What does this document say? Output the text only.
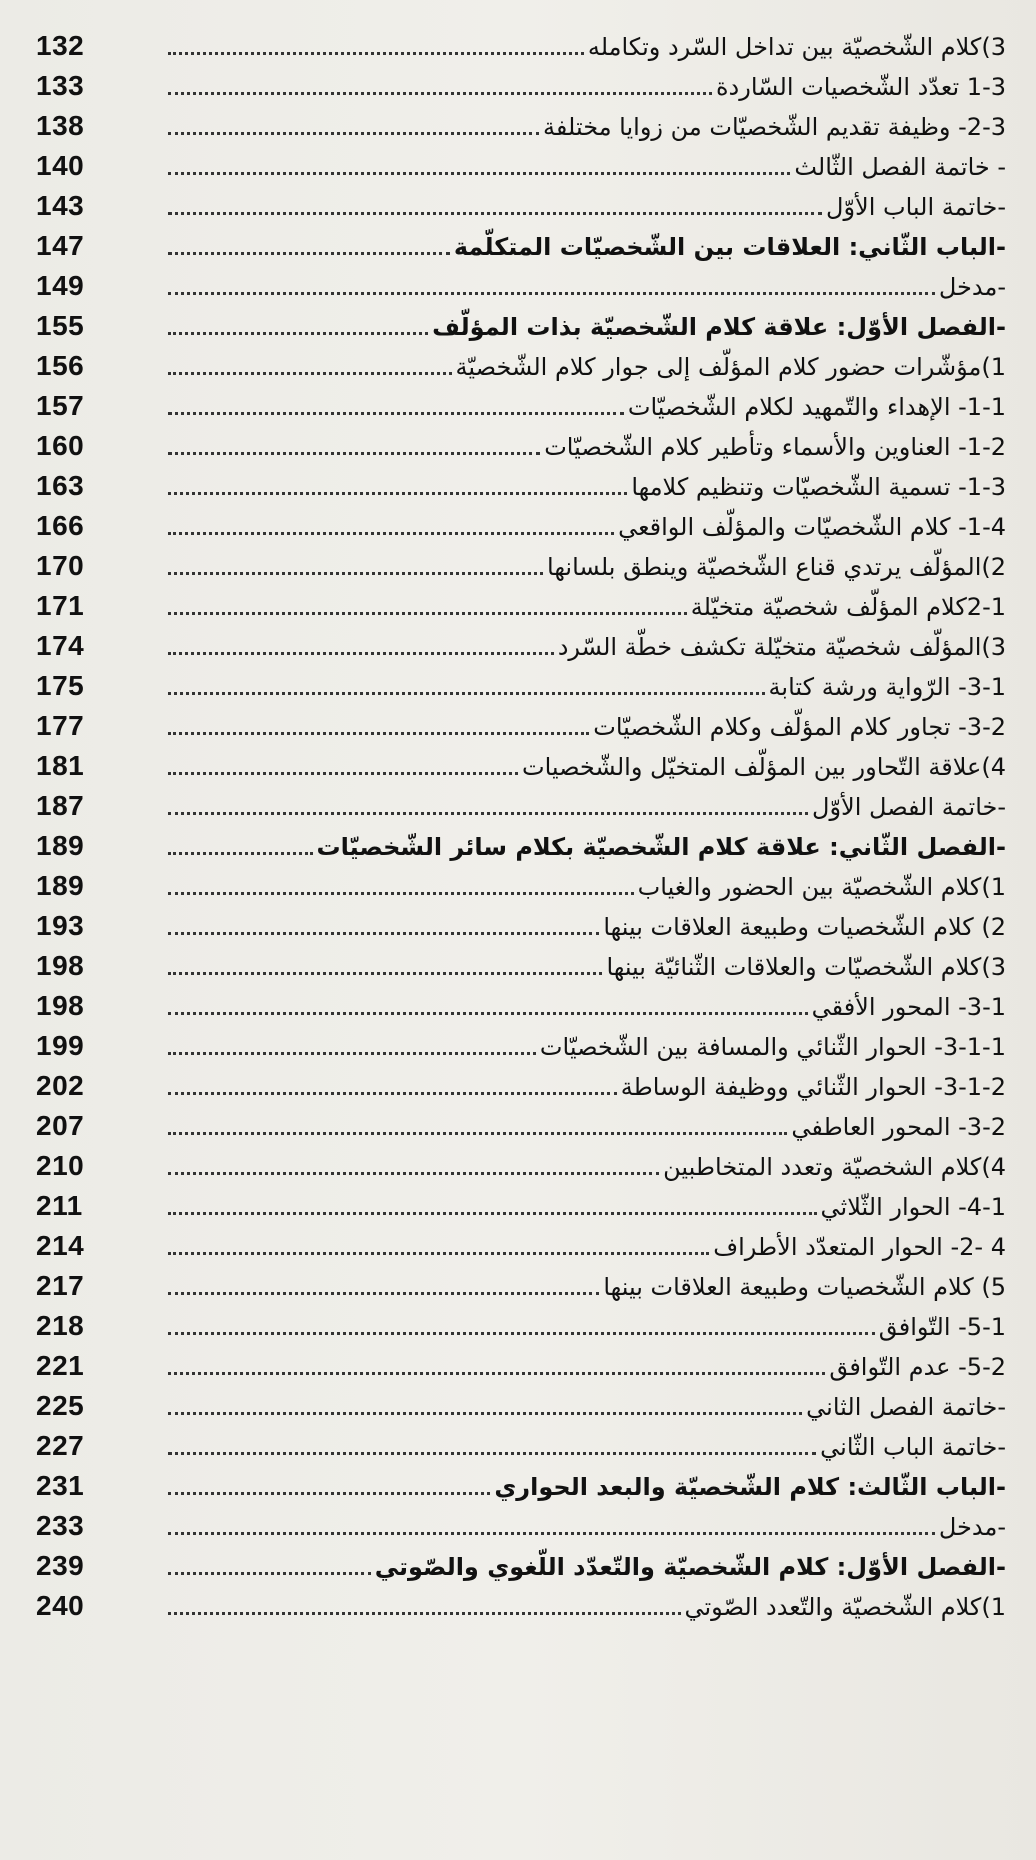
132	3)كلام الشّخصيّة بين تداخل السّرد وتكامله
133	1-3 تعدّد الشّخصيات السّاردة
138	2-3- وظيفة تقديم الشّخصيّات من زوايا مختلفة
140	- خاتمة الفصل الثّالث
143	-خاتمة الباب الأوّل
147	-الباب الثّاني: العلاقات بين الشّخصيّات المتكلّمة
149	-مدخل
155	-الفصل الأوّل: علاقة كلام الشّخصيّة بذات المؤلّف
156	1)مؤشّرات حضور كلام المؤلّف إلى جوار كلام الشّخصيّة
157	1-1- الإهداء والتّمهيد لكلام الشّخصيّات
160	1-2- العناوين والأسماء وتأطير كلام الشّخصيّات
163	1-3- تسمية الشّخصيّات وتنظيم كلامها
166	1-4- كلام الشّخصيّات والمؤلّف الواقعي
170	2)المؤلّف يرتدي قناع الشّخصيّة وينطق بلسانها
171	2-1كلام المؤلّف شخصيّة متخيّلة
174	3)المؤلّف شخصيّة متخيّلة تكشف خطّة السّرد
175	3-1- الرّواية ورشة كتابة
177	3-2- تجاور كلام المؤلّف وكلام الشّخصيّات
181	4)علاقة التّحاور بين المؤلّف المتخيّل والشّخصيات
187	-خاتمة الفصل الأوّل
189	-الفصل الثّاني: علاقة كلام الشّخصيّة بكلام سائر الشّخصيّات
189	1)كلام الشّخصيّة بين الحضور والغياب
193	2) كلام الشّخصيات وطبيعة العلاقات بينها
198	3)كلام الشّخصيّات والعلاقات الثّنائيّة بينها
198	3-1- المحور الأفقي
199	3-1-1- الحوار الثّنائي والمسافة بين الشّخصيّات
202	3-1-2- الحوار الثّنائي ووظيفة الوساطة
207	3-2- المحور العاطفي
210	4)كلام الشخصيّة وتعدد المتخاطبين
211	4-1- الحوار الثّلاثي
214	4 -2- الحوار المتعدّد الأطراف
217	5) كلام الشّخصيات وطبيعة العلاقات بينها
218	5-1- التّوافق
221	5-2- عدم التّوافق
225	-خاتمة الفصل الثاني
227	-خاتمة الباب الثّاني
231	-الباب الثّالث: كلام الشّخصيّة والبعد الحواري
233	-مدخل
239	-الفصل الأوّل: كلام الشّخصيّة والتّعدّد اللّغوي والصّوتي
240	1)كلام الشّخصيّة والتّعدد الصّوتي
